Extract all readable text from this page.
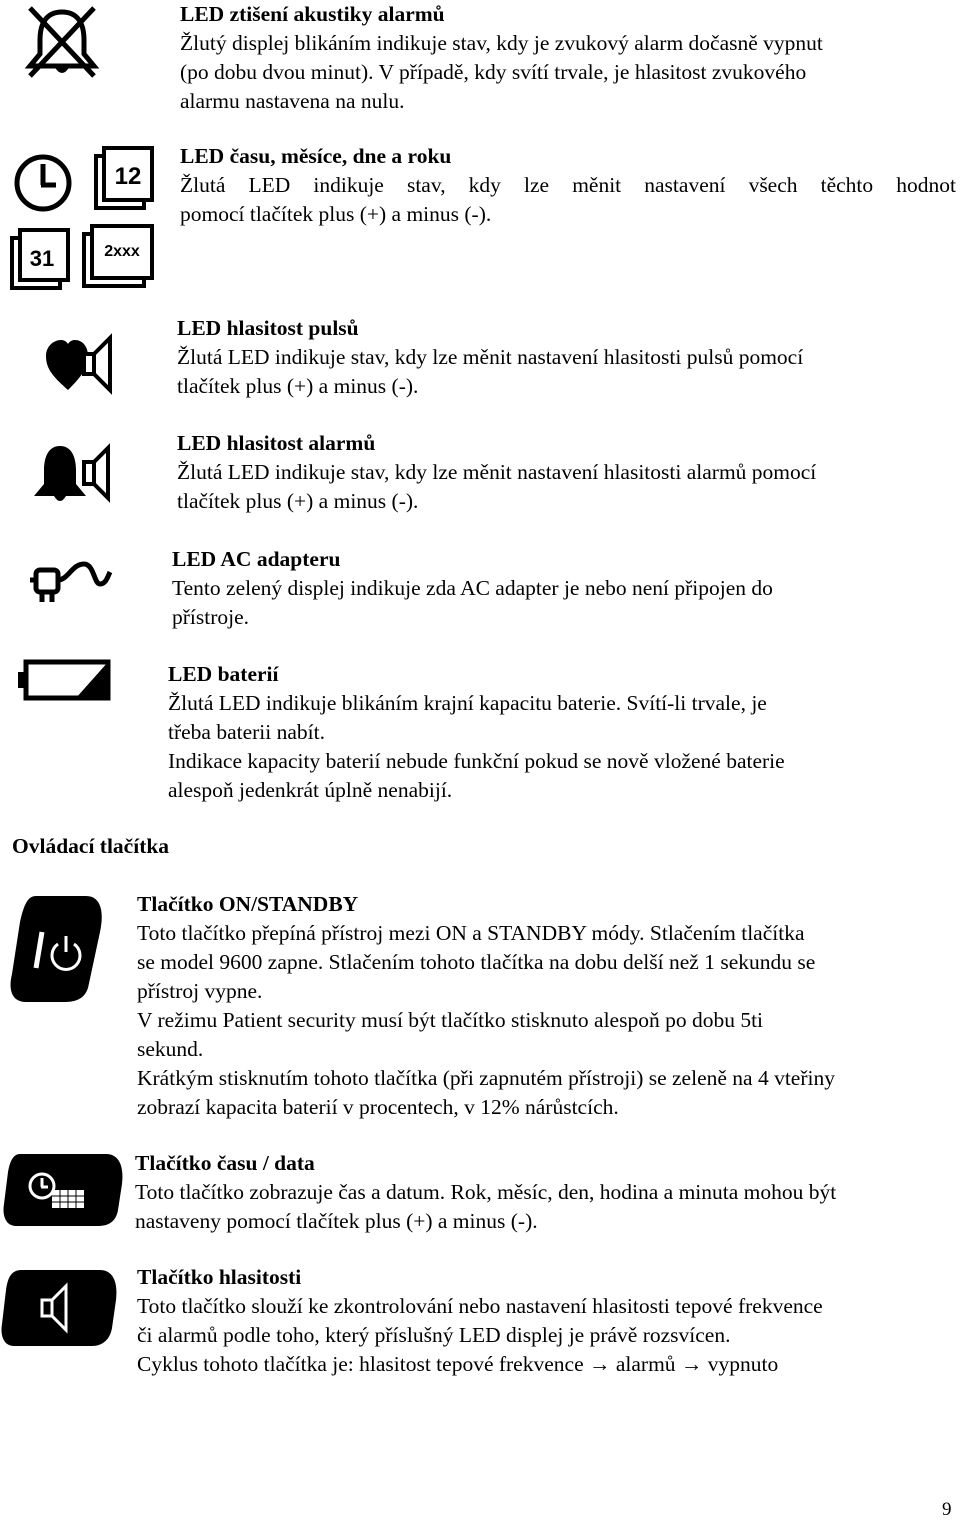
LED ztišení akustiky alarmů
Žlutý displej blikáním indikuje stav, kdy je zvukový alarm dočasně vypnut
(po dobu dvou minut). V případě, kdy svítí trvale, je hlasitost zvukového
alarmu nastavena na nulu.
12
31	2xxx
LED času, měsíce, dne a roku
Žlutá LED indikuje stav, kdy lze měnit nastavení všech těchto hodnot
pomocí tlačítek plus (+) a minus (-).
LED hlasitost pulsů
Žlutá LED indikuje stav, kdy lze měnit nastavení hlasitosti pulsů pomocí
tlačítek plus (+) a minus (-).
LED hlasitost alarmů
Žlutá LED indikuje stav, kdy lze měnit nastavení hlasitosti alarmů pomocí
tlačítek plus (+) a minus (-).
LED AC adapteru
Tento zelený displej indikuje zda AC adapter je nebo není připojen do
přístroje.
LED baterií
Žlutá LED indikuje blikáním krajní kapacitu baterie. Svítí-li trvale, je
třeba baterii nabít.
Indikace kapacity baterií nebude funkční pokud se nově vložené baterie
alespoň jedenkrát úplně nenabijí.
Ovládací tlačítka
Tlačítko ON/STANDBY
Toto tlačítko přepíná přístroj mezi ON a STANDBY módy. Stlačením tlačítka
se model 9600 zapne. Stlačením tohoto tlačítka na dobu delší než 1 sekundu se
přístroj vypne.
V režimu Patient security musí být tlačítko stisknuto alespoň po dobu 5ti
sekund.
Krátkým stisknutím tohoto tlačítka (při zapnutém přístroji) se zeleně na 4 vteřiny
zobrazí kapacita baterií v procentech, v 12% nárůstcích.
Tlačítko času / data
Toto tlačítko zobrazuje čas a datum. Rok, měsíc, den, hodina a minuta mohou být
nastaveny pomocí tlačítek plus (+) a minus (-).
Tlačítko hlasitosti
Toto tlačítko slouží ke zkontrolování nebo nastavení hlasitosti tepové frekvence
či alarmů podle toho, který příslušný LED displej je právě rozsvícen.
Cyklus tohoto tlačítka je: hlasitost tepové frekvence → alarmů → vypnuto
9
